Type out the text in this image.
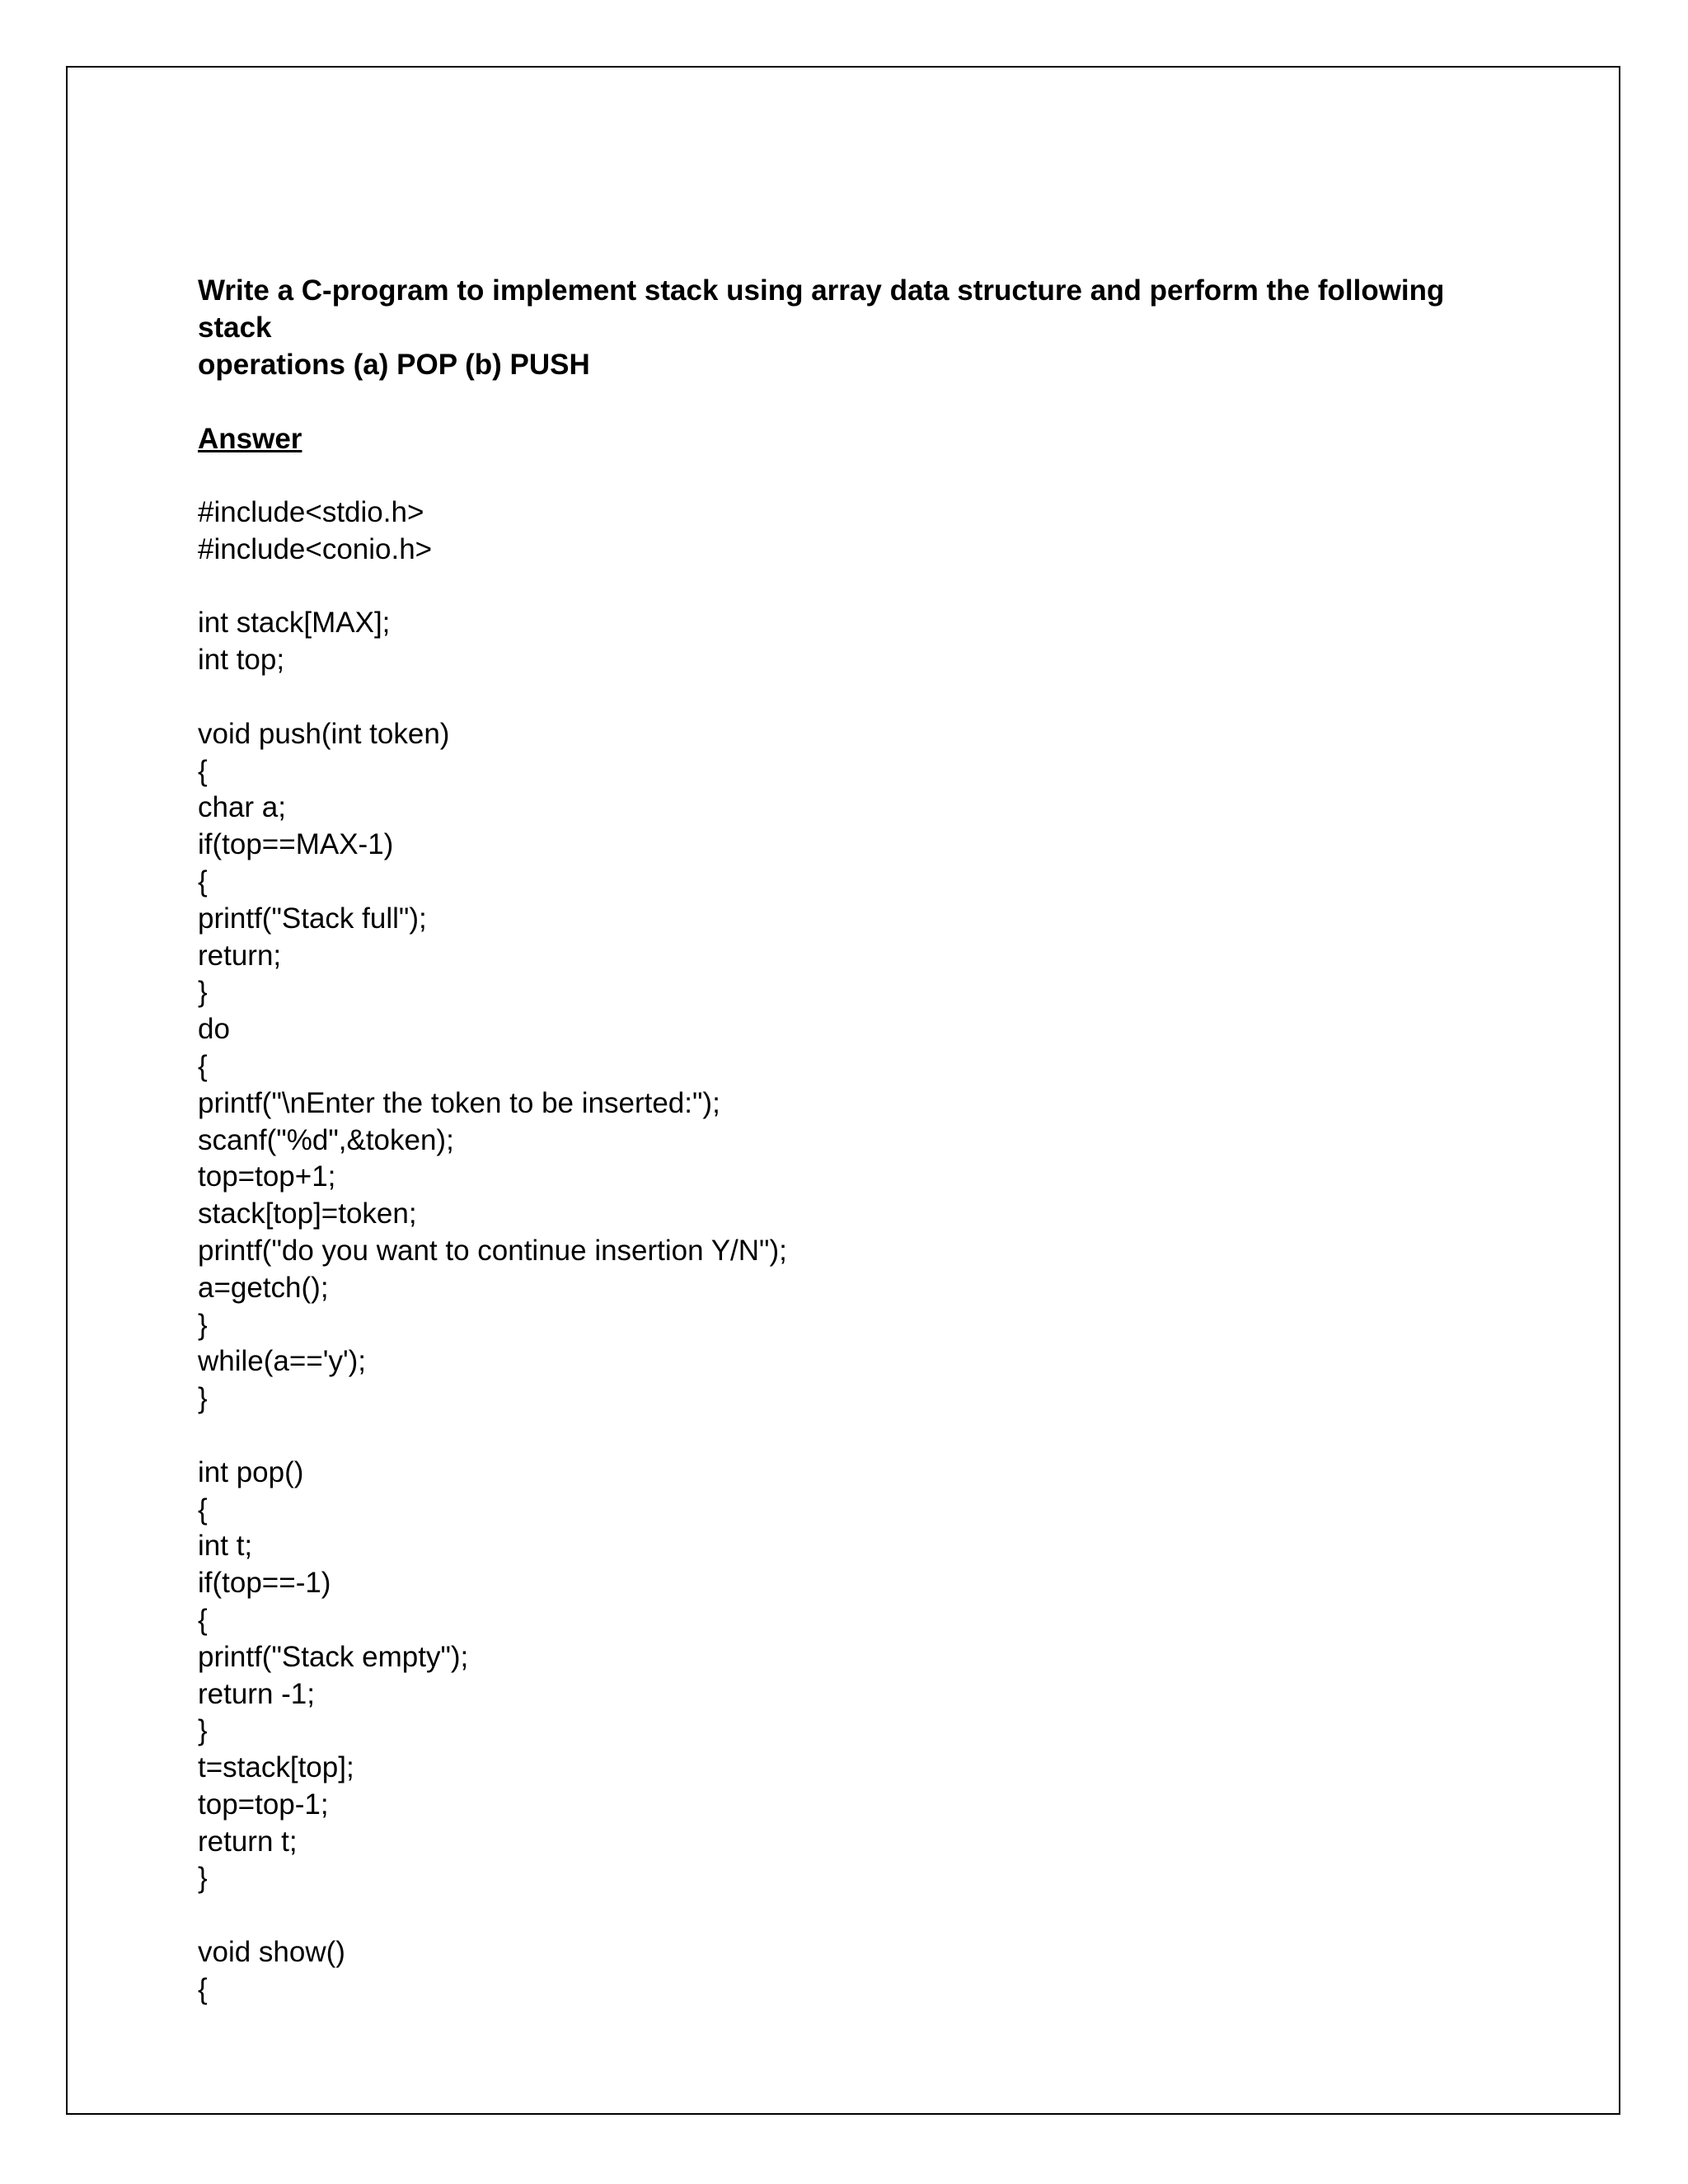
Write a C-program to implement stack using array data structure and perform the following stack
operations (a) POP (b) PUSH

Answer

#include<stdio.h>
#include<conio.h>
int stack[MAX];
int top;
void push(int token)
{
char a;
if(top==MAX-1)
{
printf("Stack full");
return;
}
do
{
printf("\nEnter the token to be inserted:");
scanf("%d",&token);
top=top+1;
stack[top]=token;
printf("do you want to continue insertion Y/N");
a=getch();
}
while(a=='y');
}
int pop()
{
int t;
if(top==-1)
{
printf("Stack empty");
return -1;
}
t=stack[top];
top=top-1;
return t;
}
void show()
{
